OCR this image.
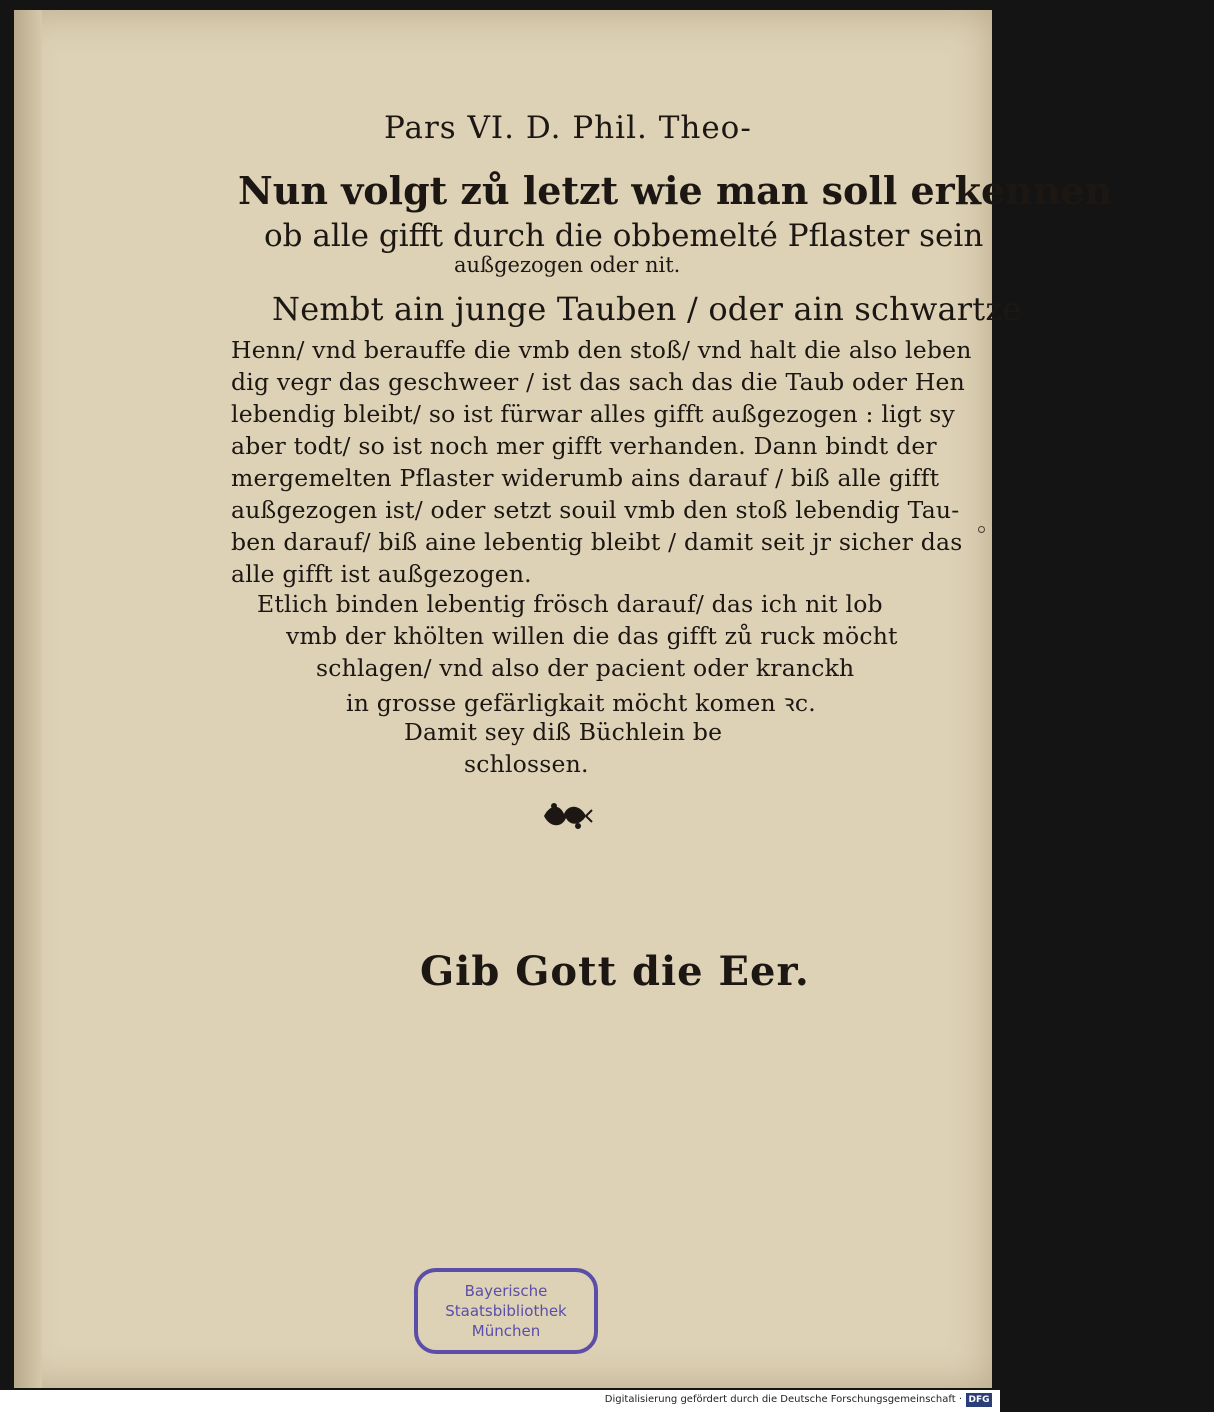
Pars VI. D. Phil. Theo-
Nun volgt zů letzt wie man soll erkennen
ob alle gifft durch die obbemelté Pflaster sein
außgezogen oder nit.
Nembt ain junge Tauben / oder ain schwartze
Henn/ vnd berauffe die vmb den stoß/ vnd halt die also leben
dig vegr das geschweer / ist das sach das die Taub oder Hen
lebendig bleibt/ so ist fürwar alles gifft außgezogen : ligt sy
aber todt/ so ist noch mer gifft verhanden. Dann bindt der
mergemelten Pflaster widerumb ains darauf / biß alle gifft
außgezogen ist/ oder setzt souil vmb den stoß lebendig Tau-
ben darauf/ biß aine lebentig bleibt / damit seit jr sicher das
alle gifft ist außgezogen.
Etlich binden lebentig frösch darauf/ das ich nit lob
vmb der khölten willen die das gifft zů ruck möcht
schlagen/ vnd also der pacient oder kranckh
in grosse gefärligkait möcht komen ꝛc.
Damit sey diß Büchlein be
schlossen.
Gib Gott die Eer.
Bayerische
Staatsbibliothek
München
Digitalisierung gefördert durch die Deutsche Forschungsgemeinschaft · DFG
